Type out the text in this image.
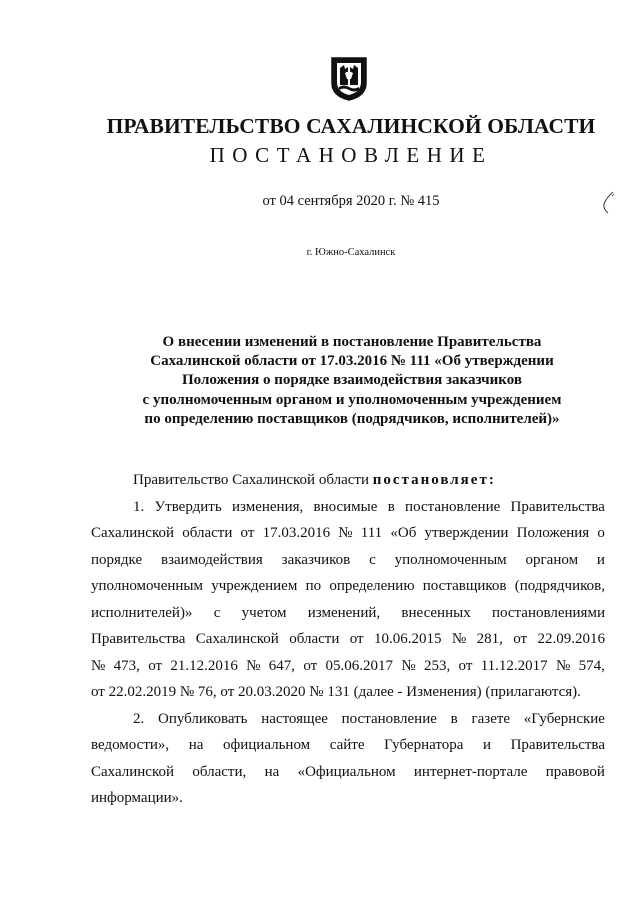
ПРАВИТЕЛЬСТВО САХАЛИНСКОЙ ОБЛАСТИ
ПОСТАНОВЛЕНИЕ
от 04 сентября 2020 г. № 415
г. Южно-Сахалинск
О внесении изменений в постановление Правительства
Сахалинской области от 17.03.2016 № 111 «Об утверждении
Положения о порядке взаимодействия заказчиков
с уполномоченным органом и уполномоченным учреждением
по определению поставщиков (подрядчиков, исполнителей)»
Правительство Сахалинской области
постановляет:
1. Утвердить изменения, вносимые в постановление Правительства
Сахалинской области от 17.03.2016 № 111 «Об утверждении Положения о
порядке взаимодействия заказчиков с уполномоченным органом и
уполномоченным учреждением по определению поставщиков (подрядчиков,
исполнителей)» с учетом изменений, внесенных постановлениями
Правительства Сахалинской области от 10.06.2015 № 281, от 22.09.2016
№ 473, от 21.12.2016 № 647, от 05.06.2017 № 253, от 11.12.2017 № 574,
от 22.02.2019 № 76, от 20.03.2020 № 131 (далее - Изменения) (прилагаются).
2. Опубликовать настоящее постановление в газете «Губернские
ведомости», на официальном сайте Губернатора и Правительства
Сахалинской области, на «Официальном интернет-портале правовой
информации».
